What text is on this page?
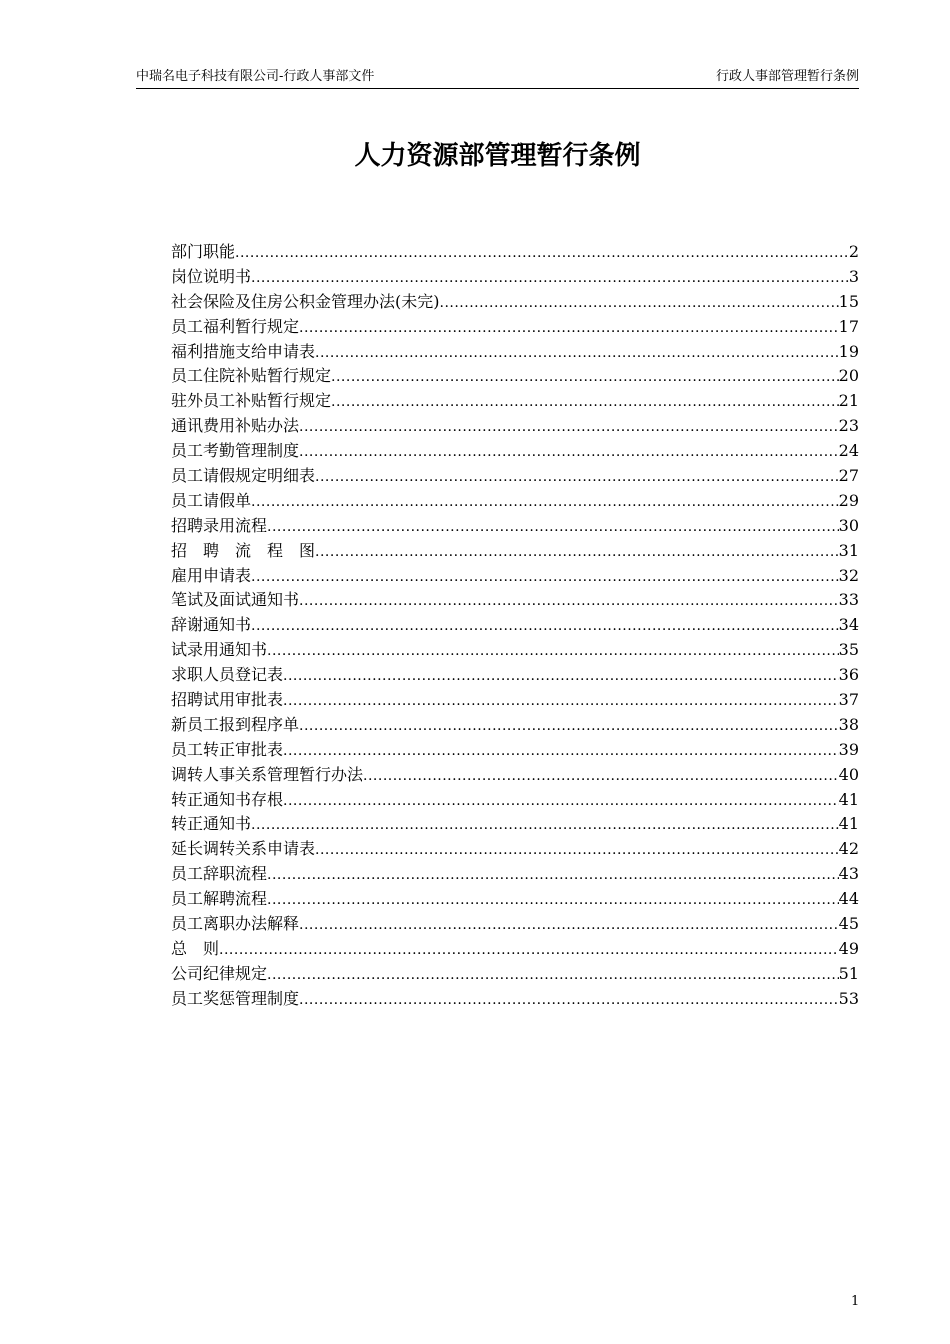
中瑞名电子科技有限公司-行政人事部文件	行政人事部管理暂行条例
人力资源部管理暂行条例
部门职能 .....	2
岗位说明书 .....	3
社会保险及住房公积金管理办法(未完) .....	15
员工福利暂行规定 .....	17
福利措施支给申请表 .....	19
员工住院补贴暂行规定 .....	20
驻外员工补贴暂行规定 .....	21
通讯费用补贴办法 .....	23
员工考勤管理制度 .....	24
员工请假规定明细表 .....	27
员工请假单 .....	29
招聘录用流程 .....	30
招　聘　流　程　图 .....	31
雇用申请表 .....	32
笔试及面试通知书 .....	33
辞谢通知书 .....	34
试录用通知书 .....	35
求职人员登记表 .....	36
招聘试用审批表 .....	37
新员工报到程序单 .....	38
员工转正审批表 .....	39
调转人事关系管理暂行办法 .....	40
转正通知书存根 .....	41
转正通知书 .....	41
延长调转关系申请表 .....	42
员工辞职流程 .....	43
员工解聘流程 .....	44
员工离职办法解释 .....	45
总　则 .....	49
公司纪律规定 .....	51
员工奖惩管理制度 .....	53
1
